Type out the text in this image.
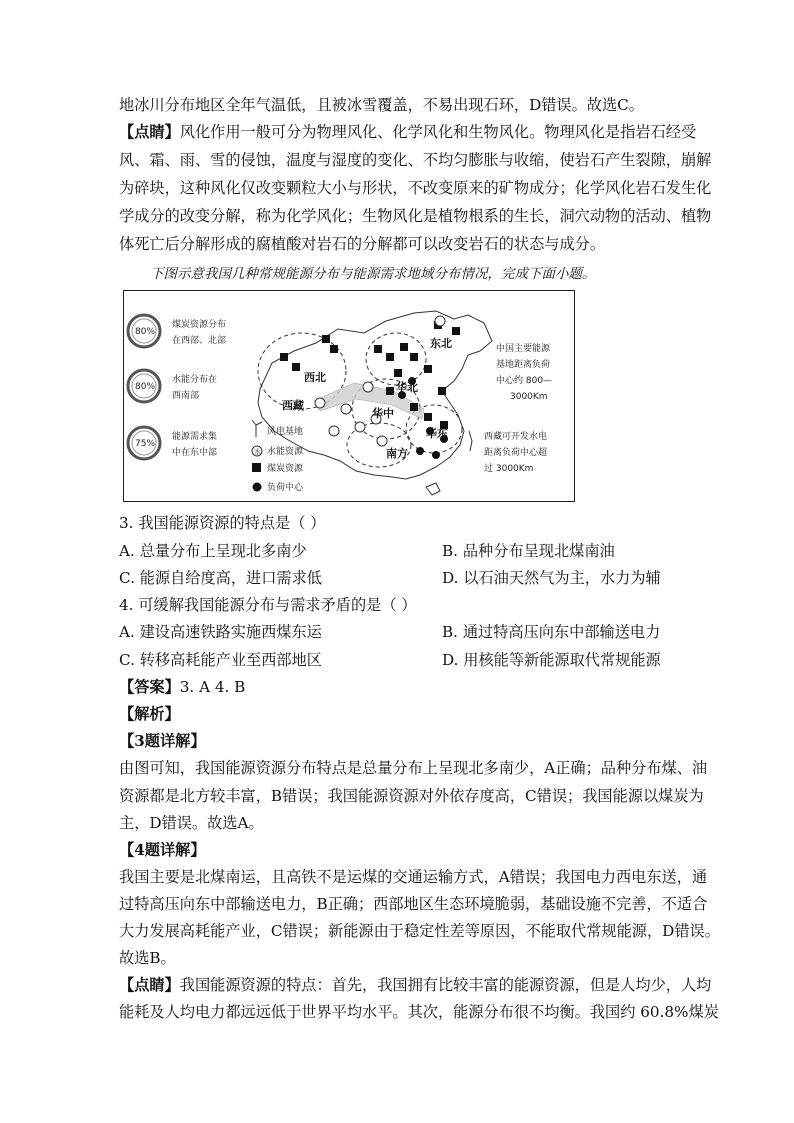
地冰川分布地区全年气温低，且被冰雪覆盖，不易出现石环，D错误。故选C。
【点睛】风化作用一般可分为物理风化、化学风化和生物风化。物理风化是指岩石经受
风、霜、雨、雪的侵蚀，温度与湿度的变化、不均匀膨胀与收缩，使岩石产生裂隙，崩解
为碎块，这种风化仅改变颗粒大小与形状，不改变原来的矿物成分；化学风化岩石发生化
学成分的改变分解，称为化学风化；生物风化是植物根系的生长，洞穴动物的活动、植物
体死亡后分解形成的腐植酸对岩石的分解都可以改变岩石的状态与成分。
下图示意我国几种常规能源分布与能源需求地域分布情况，完成下面小题。
80%
80%
75%
煤炭资源分布
在西部、北部
水能分布在
西南部
能源需求集
中在东中部
风电基地
水 水能资源
煤炭资源
负荷中心
东北
西北
华北
西藏
华中
华东
南方
中国主要能源
基地距离负荷
中心约 800—
3000Km
西藏可开发水电
距离负荷中心超
过 3000Km
3. 我国能源资源的特点是（ ）
A. 总量分布上呈现北多南少	B. 品种分布呈现北煤南油
C. 能源自给度高，进口需求低	D. 以石油天然气为主，水力为辅
4. 可缓解我国能源分布与需求矛盾的是（ ）
A. 建设高速铁路实施西煤东运	B. 通过特高压向东中部输送电力
C. 转移高耗能产业至西部地区	D. 用核能等新能源取代常规能源
【答案】3. A 4. B
【解析】
【3题详解】
由图可知，我国能源资源分布特点是总量分布上呈现北多南少，A正确；品种分布煤、油
资源都是北方较丰富，B错误；我国能源资源对外依存度高，C错误；我国能源以煤炭为
主，D错误。故选A。
【4题详解】
我国主要是北煤南运，且高铁不是运煤的交通运输方式，A错误；我国电力西电东送，通
过特高压向东中部输送电力，B正确；西部地区生态环境脆弱，基础设施不完善，不适合
大力发展高耗能产业，C错误；新能源由于稳定性差等原因，不能取代常规能源，D错误。
故选B。
【点睛】我国能源资源的特点：首先，我国拥有比较丰富的能源资源，但是人均少，人均
能耗及人均电力都远远低于世界平均水平。其次，能源分布很不均衡。我国约 60.8%煤炭
